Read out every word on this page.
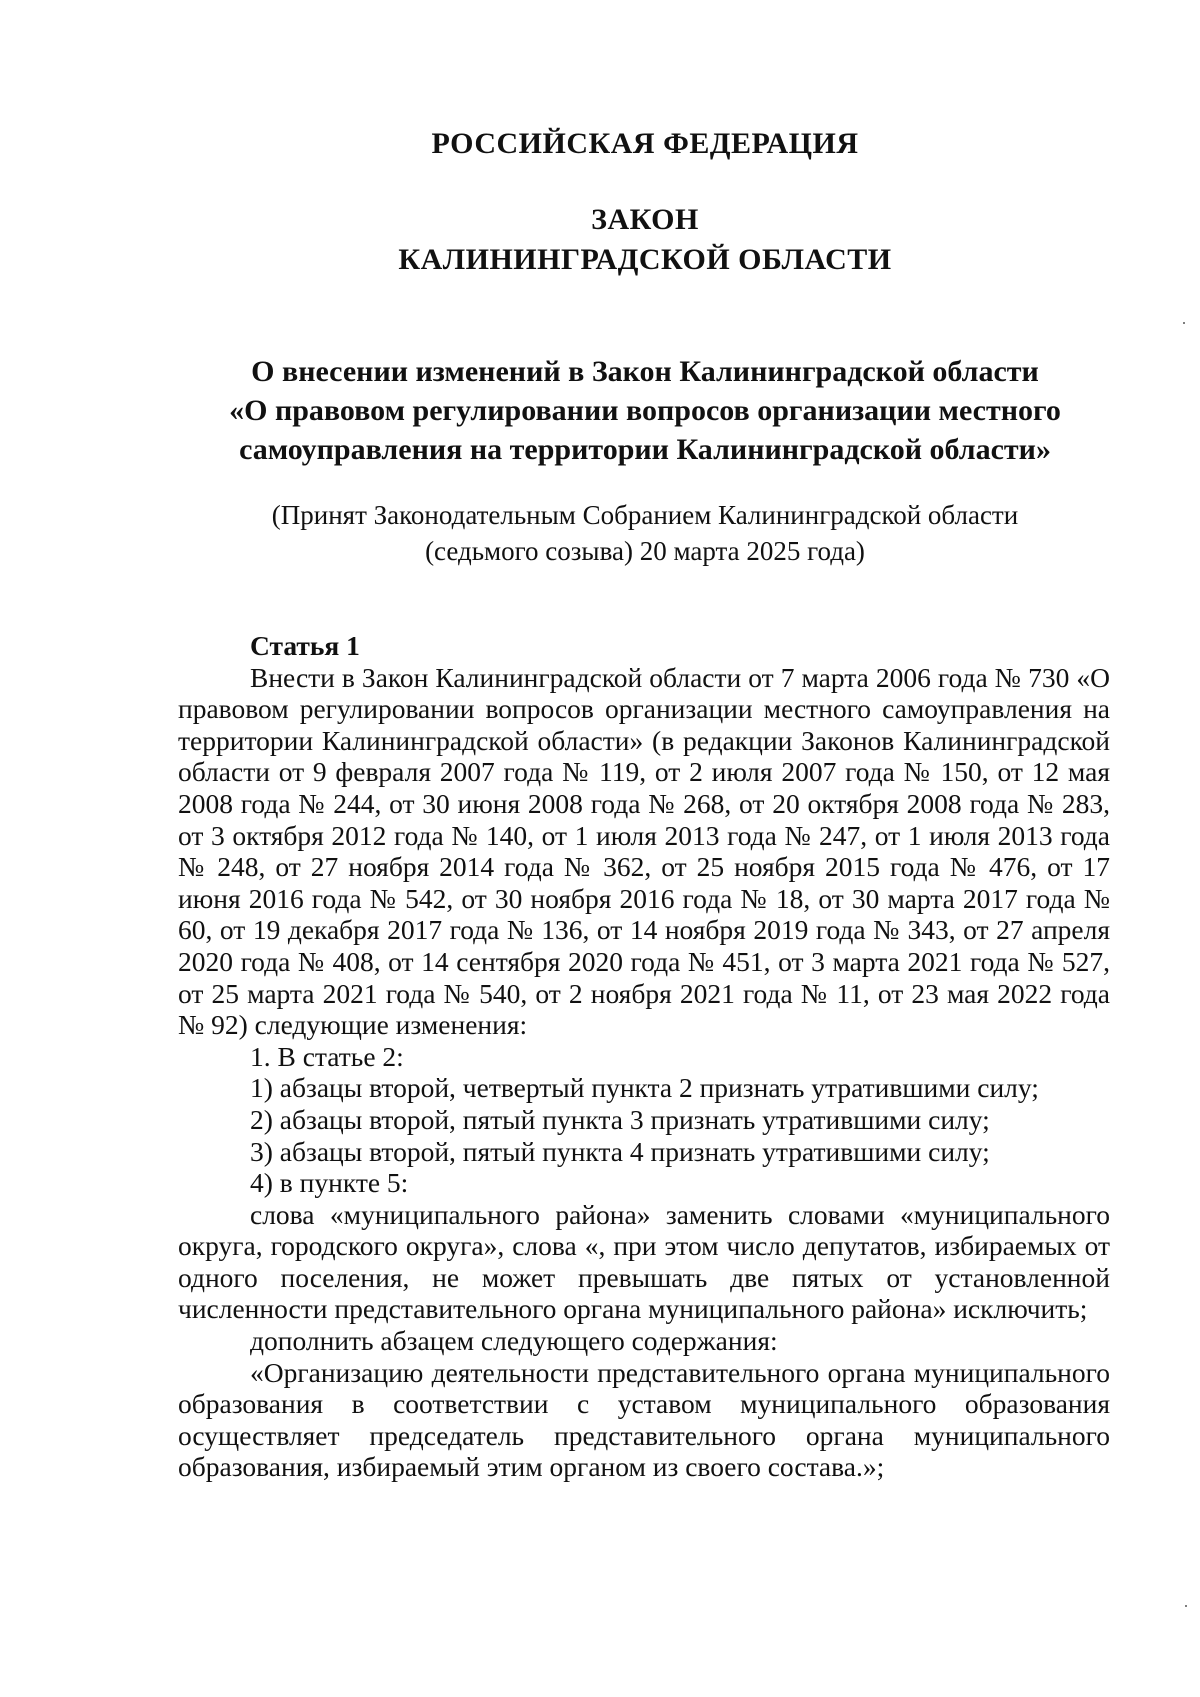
РОССИЙСКАЯ ФЕДЕРАЦИЯ
ЗАКОН
КАЛИНИНГРАДСКОЙ ОБЛАСТИ
О внесении изменений в Закон Калининградской области
«О правовом регулировании вопросов организации местного
самоуправления на территории Калининградской области»
(Принят Законодательным Собранием Калининградской области
(седьмого созыва) 20 марта 2025 года)

Статья 1

Внести в Закон Калининградской области от 7 марта 2006 года № 730 «О правовом регулировании вопросов организации местного самоуправления на территории Калининградской области» (в редакции Законов Калининградской области от 9 февраля 2007 года № 119, от 2 июля 2007 года № 150, от 12 мая 2008 года № 244, от 30 июня 2008 года № 268, от 20 октября 2008 года № 283, от 3 октября 2012 года № 140, от 1 июля 2013 года № 247, от 1 июля 2013 года № 248, от 27 ноября 2014 года № 362, от 25 ноября 2015 года № 476, от 17 июня 2016 года № 542, от 30 ноября 2016 года № 18, от 30 марта 2017 года № 60, от 19 декабря 2017 года № 136, от 14 ноября 2019 года № 343, от 27 апреля 2020 года № 408, от 14 сентября 2020 года № 451, от 3 марта 2021 года № 527, от 25 марта 2021 года № 540, от 2 ноября 2021 года № 11, от 23 мая 2022 года № 92) следующие изменения:

1. В статье 2:

1) абзацы второй, четвертый пункта 2 признать утратившими силу;

2) абзацы второй, пятый пункта 3 признать утратившими силу;

3) абзацы второй, пятый пункта 4 признать утратившими силу;

4) в пункте 5:

слова «муниципального района» заменить словами «муниципального округа, городского округа», слова «, при этом число депутатов, избираемых от одного поселения, не может превышать две пятых от установленной численности представительного органа муниципального района» исключить;

дополнить абзацем следующего содержания:

«Организацию деятельности представительного органа муниципального образования в соответствии с уставом муниципального образования осуществляет председатель представительного органа муниципального образования, избираемый этим органом из своего состава.»;
